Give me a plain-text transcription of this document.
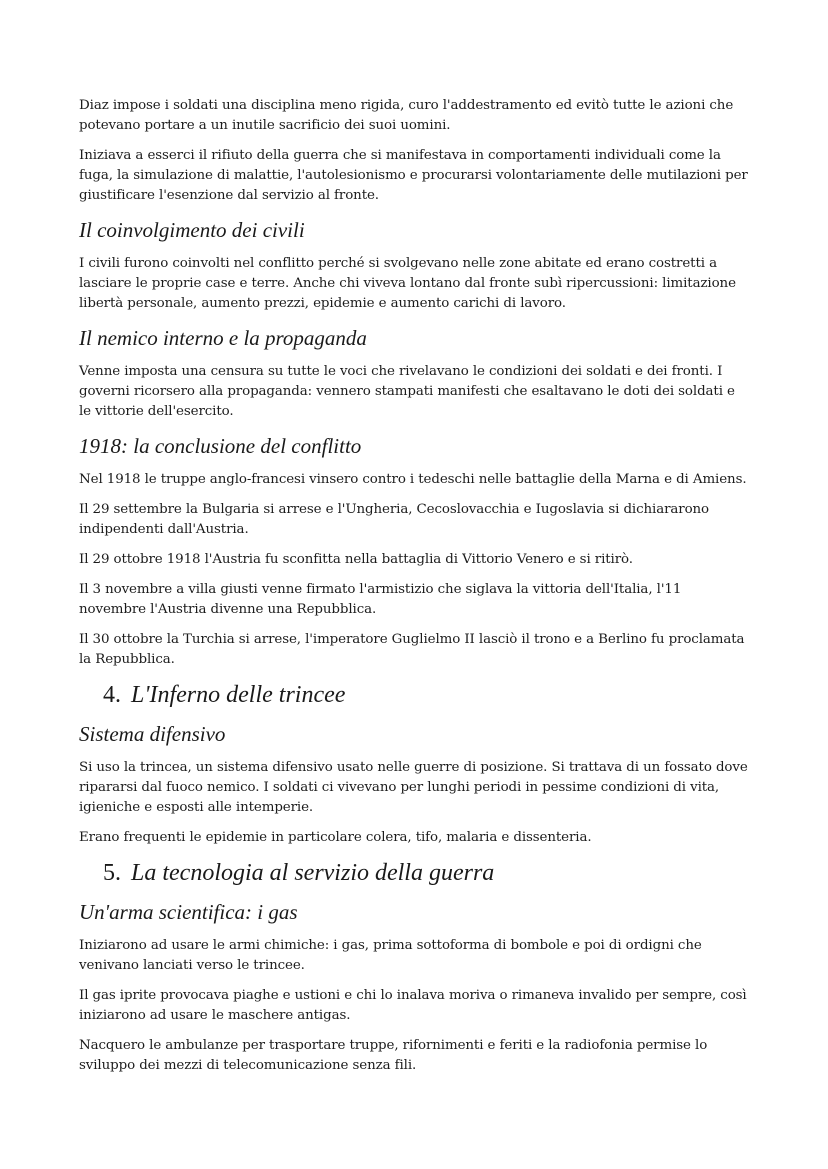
Diaz impose i soldati una disciplina meno rigida, curo l'addestramento ed evitò tutte le azioni che potevano portare a un inutile sacrificio dei suoi uomini.

Iniziava a esserci il rifiuto della guerra che si manifestava in comportamenti individuali come la fuga, la simulazione di malattie, l'autolesionismo e procurarsi volontariamente delle mutilazioni per giustificare l'esenzione dal servizio al fronte.

Il coinvolgimento dei civili

I civili furono coinvolti nel conflitto perché si svolgevano nelle zone abitate ed erano costretti a lasciare le proprie case e terre. Anche chi viveva lontano dal fronte subì ripercussioni: limitazione libertà personale, aumento prezzi, epidemie e aumento carichi di lavoro.

Il nemico interno e la propaganda

Venne imposta una censura su tutte le voci che rivelavano le condizioni dei soldati e dei fronti. I governi ricorsero alla propaganda: vennero stampati manifesti che esaltavano le doti dei soldati e le vittorie dell'esercito.

1918: la conclusione del conflitto

Nel 1918 le truppe anglo-francesi vinsero contro i tedeschi nelle battaglie della Marna e di Amiens.

Il 29 settembre la Bulgaria si arrese e l'Ungheria, Cecoslovacchia e Iugoslavia si dichiararono indipendenti dall'Austria.

Il 29 ottobre 1918 l'Austria fu sconfitta nella battaglia di Vittorio Venero e si ritirò.

Il 3 novembre a villa giusti venne firmato l'armistizio che siglava la vittoria dell'Italia, l'11 novembre l'Austria divenne una Repubblica.

Il 30 ottobre la Turchia si arrese, l'imperatore Guglielmo II lasciò il trono e a Berlino fu proclamata la Repubblica.

4. L'Inferno delle trincee
Sistema difensivo

Si uso la trincea, un sistema difensivo usato nelle guerre di posizione. Si trattava di un fossato dove ripararsi dal fuoco nemico. I soldati ci vivevano per lunghi periodi in pessime condizioni di vita, igieniche e esposti alle intemperie.

Erano frequenti le epidemie in particolare colera, tifo, malaria e dissenteria.

5. La tecnologia al servizio della guerra
Un'arma scientifica: i gas

Iniziarono ad usare le armi chimiche: i gas, prima sottoforma di bombole e poi di ordigni che venivano lanciati verso le trincee.

Il gas iprite provocava piaghe e ustioni e chi lo inalava moriva o rimaneva invalido per sempre, così iniziarono ad usare le maschere antigas.

Nacquero le ambulanze per trasportare truppe, rifornimenti e feriti e la radiofonia permise lo sviluppo dei mezzi di telecomunicazione senza fili.
